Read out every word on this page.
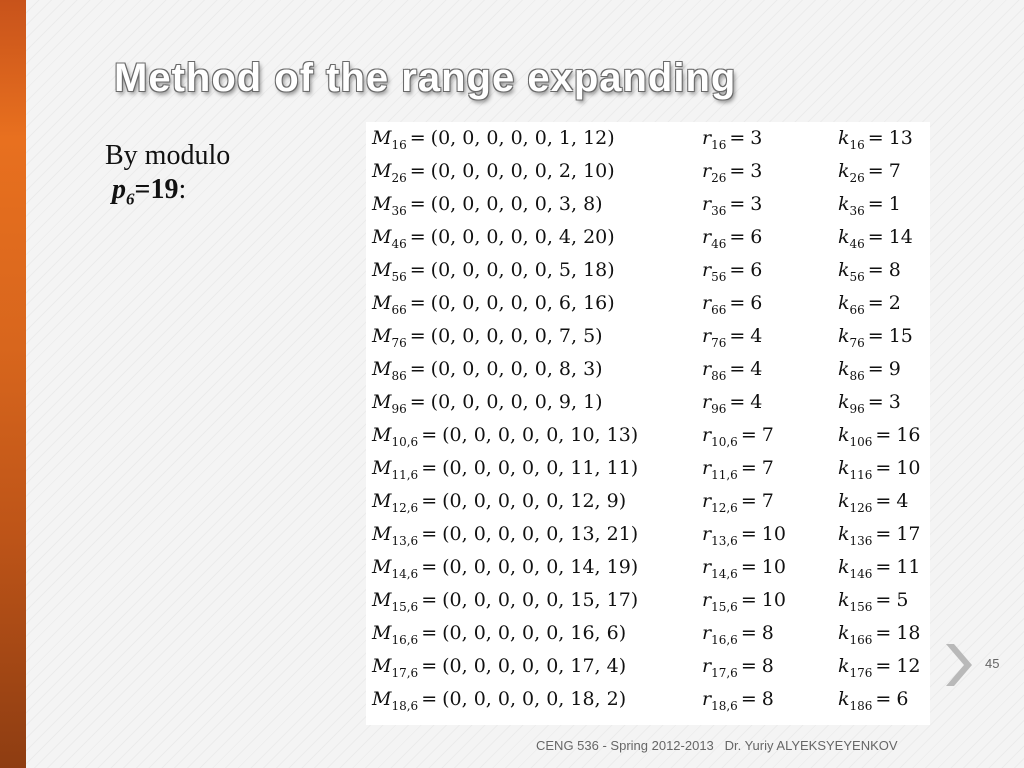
Method of the range expanding
By modulo
$p_6=19$:
$M_{16} = (0$, 0, 0, 0, 0, 1, 12)	$r_{16} = 3$	$k_{16} = 13$
$M_{26} = (0$, 0, 0, 0, 0, 2, 10)	$r_{26} = 3$	$k_{26} = 7$
$M_{36} = (0$, 0, 0, 0, 0, 3, 8)	$r_{36} = 3$	$k_{36} = 1$
$M_{46} = (0$, 0, 0, 0, 0, 4, 20)	$r_{46} = 6$	$k_{46} = 14$
$M_{56} = (0$, 0, 0, 0, 0, 5, 18)	$r_{56} = 6$	$k_{56} = 8$
$M_{66} = (0$, 0, 0, 0, 0, 6, 16)	$r_{66} = 6$	$k_{66} = 2$
$M_{76} = (0$, 0, 0, 0, 0, 7, 5)	$r_{76} = 4$	$k_{76} = 15$
$M_{86} = (0$, 0, 0, 0, 0, 8, 3)	$r_{86} = 4$	$k_{86} = 9$
$M_{96} = (0$, 0, 0, 0, 0, 9, 1)	$r_{96} = 4$	$k_{96} = 3$
$M_{10,6} = (0$, 0, 0, 0, 0, 10, 13)	$r_{10,6} = 7$	$k_{106} = 16$
$M_{11,6} = (0$, 0, 0, 0, 0, 11, 11)	$r_{11,6} = 7$	$k_{116} = 10$
$M_{12,6} = (0$, 0, 0, 0, 0, 12, 9)	$r_{12,6} = 7$	$k_{126} = 4$
$M_{13,6} = (0$, 0, 0, 0, 0, 13, 21)	$r_{13,6} = 10$	$k_{136} = 17$
$M_{14,6} = (0$, 0, 0, 0, 0, 14, 19)	$r_{14,6} = 10$	$k_{146} = 11$
$M_{15,6} = (0$, 0, 0, 0, 0, 15, 17)	$r_{15,6} = 10$	$k_{156} = 5$
$M_{16,6} = (0$, 0, 0, 0, 0, 16, 6)	$r_{16,6} = 8$	$k_{166} = 18$
$M_{17,6} = (0$, 0, 0, 0, 0, 17, 4)	$r_{17,6} = 8$	$k_{176} = 12$
$M_{18,6} = (0$, 0, 0, 0, 0, 18, 2)	$r_{18,6} = 8$	$k_{186} = 6$
45
CENG 536 - Spring 2012-2013   Dr. Yuriy ALYEKSYEYENKOV
